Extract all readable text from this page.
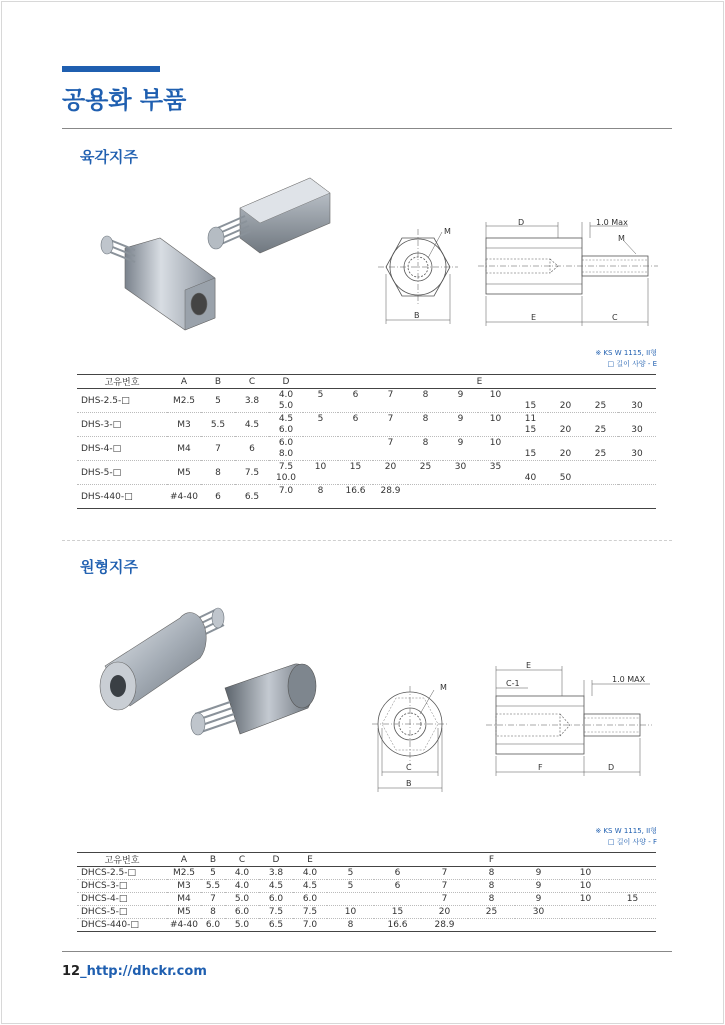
공용화 부품
육각지주
M
B
D	1.0 Max
M
E	C
※ KS W 1115, II형
□ 길이 사양 - E
고유번호	A	B	C	D	E									
DHS-2.5-□	M2.5	5	3.8	4.0	5	6	7	8	9	10				
				5.0							15	20	25	30
DHS-3-□	M3	5.5	4.5	4.5	5	6	7	8	9	10	11			
				6.0							15	20	25	30
DHS-4-□	M4	7	6	6.0			7	8	9	10				
				8.0							15	20	25	30
DHS-5-□	M5	8	7.5	7.5	10	15	20	25	30	35				
				10.0							40	50		
DHS-440-□	#4-40	6	6.5	7.0	8	16.6	28.9							

원형지주
M
C
B
E
C-1	1.0 MAX
F	D
※ KS W 1115, II형
□ 길이 사양 - F
고유번호	A	B	C	D	E	F						
DHCS-2.5-□	M2.5	5	4.0	3.8	4.0	5	6	7	8	9	10	
DHCS-3-□	M3	5.5	4.0	4.5	4.5	5	6	7	8	9	10	
DHCS-4-□	M4	7	5.0	6.0	6.0			7	8	9	10	15
DHCS-5-□	M5	8	6.0	7.5	7.5	10	15	20	25	30		
DHCS-440-□	#4-40	6.0	5.0	6.5	7.0	8	16.6	28.9				
12_http://dhckr.com
